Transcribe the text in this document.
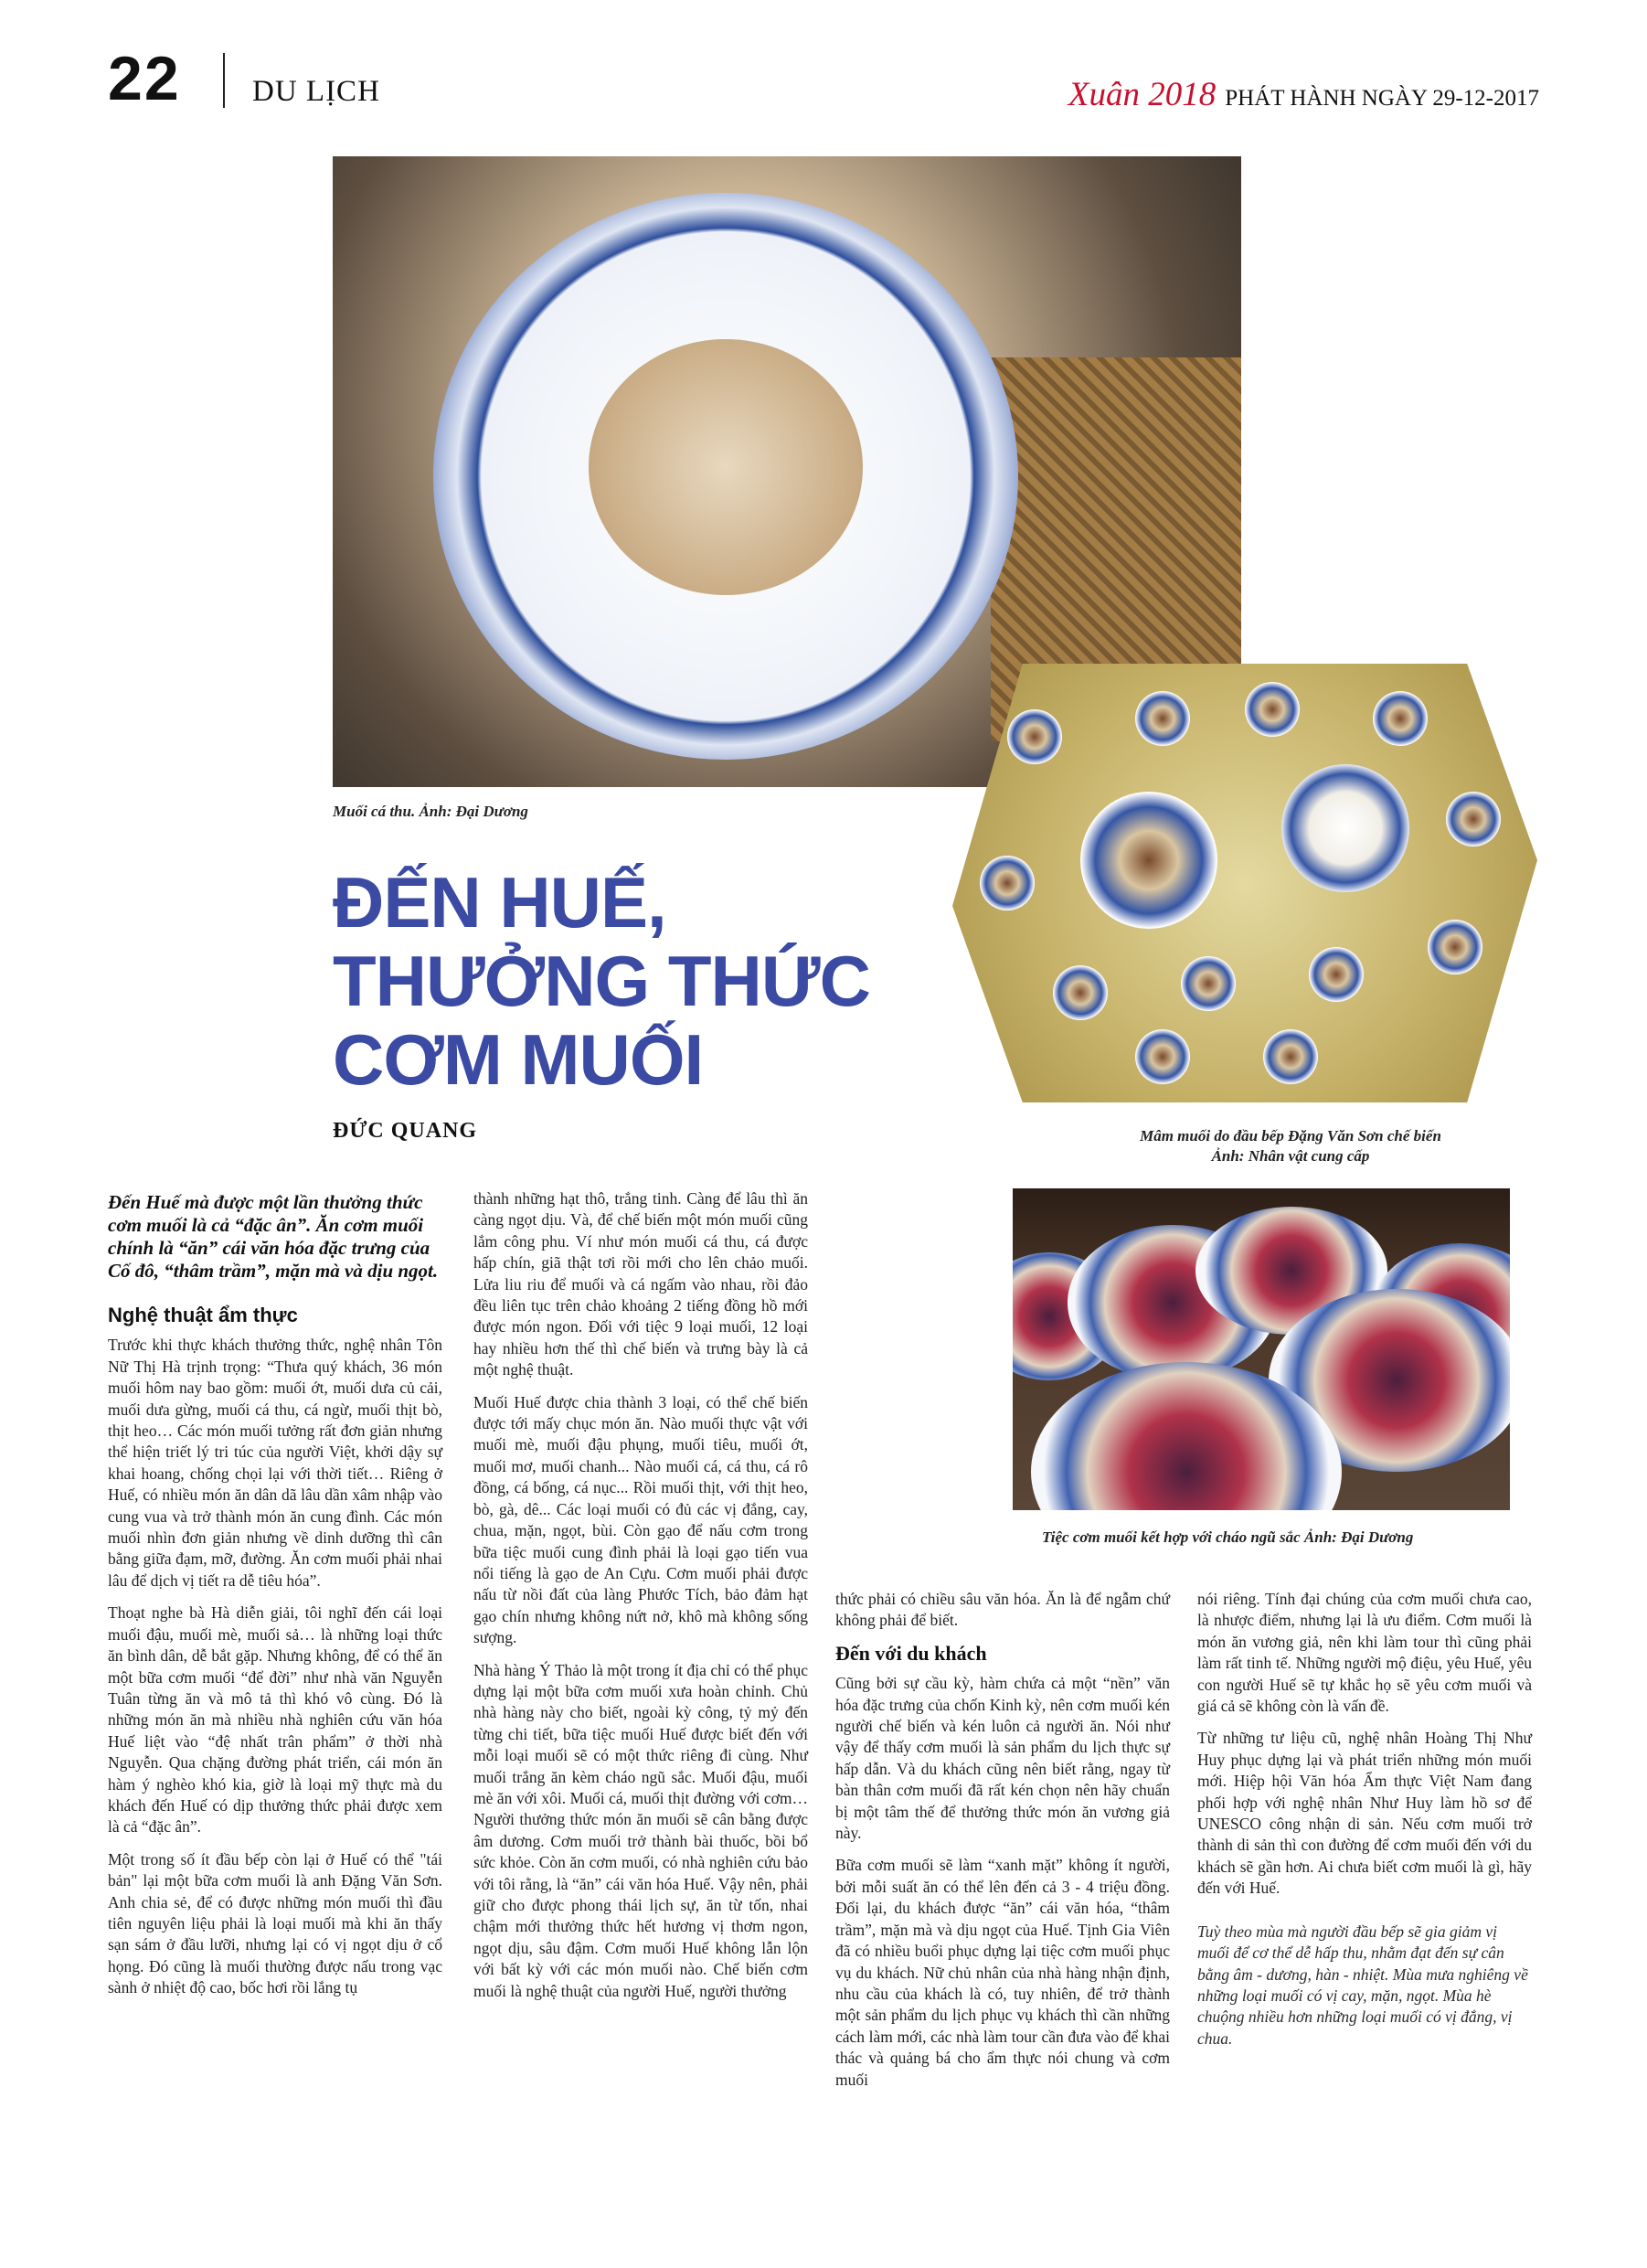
22 DU LỊCH	Xuân 2018 PHÁT HÀNH NGÀY 29-12-2017
Muối cá thu. Ảnh: Đại Dương
Mâm muối do đầu bếp Đặng Văn Sơn chế biến
Ảnh: Nhân vật cung cấp
Tiệc cơm muối kết hợp với cháo ngũ sắc Ảnh: Đại Dương
ĐẾN HUẾ,
THƯỞNG THỨC
CƠM MUỐI
ĐỨC QUANG

Đến Huế mà được một lần thưởng thức cơm muối là cả “đặc ân”. Ăn cơm muối chính là “ăn” cái văn hóa đặc trưng của Cố đô, “thâm trầm”, mặn mà và dịu ngọt.

Nghệ thuật ẩm thực

Trước khi thực khách thưởng thức, nghệ nhân Tôn Nữ Thị Hà trịnh trọng: “Thưa quý khách, 36 món muối hôm nay bao gồm: muối ớt, muối dưa củ cải, muối dưa gừng, muối cá thu, cá ngừ, muối thịt bò, thịt heo… Các món muối tưởng rất đơn giản nhưng thể hiện triết lý tri túc của người Việt, khởi dậy sự khai hoang, chống chọi lại với thời tiết… Riêng ở Huế, có nhiều món ăn dân dã lâu dần xâm nhập vào cung vua và trở thành món ăn cung đình. Các món muối nhìn đơn giản nhưng về dinh dưỡng thì cân bằng giữa đạm, mỡ, đường. Ăn cơm muối phải nhai lâu để dịch vị tiết ra dễ tiêu hóa”.

Thoạt nghe bà Hà diễn giải, tôi nghĩ đến cái loại muối đậu, muối mè, muối sả… là những loại thức ăn bình dân, dễ bắt gặp. Nhưng không, để có thể ăn một bữa cơm muối “để đời” như nhà văn Nguyễn Tuân từng ăn và mô tả thì khó vô cùng. Đó là những món ăn mà nhiều nhà nghiên cứu văn hóa Huế liệt vào “đệ nhất trân phẩm” ở thời nhà Nguyễn. Qua chặng đường phát triển, cái món ăn hàm ý nghèo khó kia, giờ là loại mỹ thực mà du khách đến Huế có dịp thưởng thức phải được xem là cả “đặc ân”.

Một trong số ít đầu bếp còn lại ở Huế có thể "tái bản" lại một bữa cơm muối là anh Đặng Văn Sơn. Anh chia sẻ, để có được những món muối thì đầu tiên nguyên liệu phải là loại muối mà khi ăn thấy sạn sám ở đầu lưỡi, nhưng lại có vị ngọt dịu ở cổ họng. Đó cũng là muối thường được nấu trong vạc sành ở nhiệt độ cao, bốc hơi rồi lắng tụ

thành những hạt thô, trắng tinh. Càng để lâu thì ăn càng ngọt dịu. Và, để chế biến một món muối cũng lắm công phu. Ví như món muối cá thu, cá được hấp chín, giã thật tơi rồi mới cho lên chảo muối. Lửa liu riu để muối và cá ngấm vào nhau, rồi đảo đều liên tục trên chảo khoảng 2 tiếng đồng hồ mới được món ngon. Đối với tiệc 9 loại muối, 12 loại hay nhiều hơn thế thì chế biến và trưng bày là cả một nghệ thuật.

Muối Huế được chia thành 3 loại, có thể chế biến được tới mấy chục món ăn. Nào muối thực vật với muối mè, muối đậu phụng, muối tiêu, muối ớt, muối mơ, muối chanh... Nào muối cá, cá thu, cá rô đồng, cá bống, cá nục... Rồi muối thịt, với thịt heo, bò, gà, dê... Các loại muối có đủ các vị đắng, cay, chua, mặn, ngọt, bùi. Còn gạo để nấu cơm trong bữa tiệc muối cung đình phải là loại gạo tiến vua nổi tiếng là gạo de An Cựu. Cơm muối phải được nấu từ nồi đất của làng Phước Tích, bảo đảm hạt gạo chín nhưng không nứt nở, khô mà không sống sượng.

Nhà hàng Ý Thảo là một trong ít địa chỉ có thể phục dựng lại một bữa cơm muối xưa hoàn chỉnh. Chủ nhà hàng này cho biết, ngoài kỳ công, tỷ mỷ đến từng chi tiết, bữa tiệc muối Huế được biết đến với mỗi loại muối sẽ có một thức riêng đi cùng. Như muối trắng ăn kèm cháo ngũ sắc. Muối đậu, muối mè ăn với xôi. Muối cá, muối thịt đường với cơm… Người thưởng thức món ăn muối sẽ cân bằng được âm dương. Cơm muối trở thành bài thuốc, bồi bổ sức khỏe. Còn ăn cơm muối, có nhà nghiên cứu bảo với tôi rằng, là “ăn” cái văn hóa Huế. Vậy nên, phải giữ cho được phong thái lịch sự, ăn từ tốn, nhai chậm mới thưởng thức hết hương vị thơm ngon, ngọt dịu, sâu đậm. Cơm muối Huế không lẫn lộn với bất kỳ với các món muối nào. Chế biến cơm muối là nghệ thuật của người Huế, người thưởng

thức phải có chiều sâu văn hóa. Ăn là để ngẫm chứ không phải để biết.

Đến với du khách

Cũng bởi sự cầu kỳ, hàm chứa cả một “nền” văn hóa đặc trưng của chốn Kinh kỳ, nên cơm muối kén người chế biến và kén luôn cả người ăn. Nói như vậy để thấy cơm muối là sản phẩm du lịch thực sự hấp dẫn. Và du khách cũng nên biết rằng, ngay từ bàn thân cơm muối đã rất kén chọn nên hãy chuẩn bị một tâm thế để thưởng thức món ăn vương giả này.

Bữa cơm muối sẽ làm “xanh mặt” không ít người, bởi mỗi suất ăn có thể lên đến cả 3 - 4 triệu đồng. Đổi lại, du khách được “ăn” cái văn hóa, “thâm trầm”, mặn mà và dịu ngọt của Huế. Tịnh Gia Viên đã có nhiều buổi phục dựng lại tiệc cơm muối phục vụ du khách. Nữ chủ nhân của nhà hàng nhận định, nhu cầu của khách là có, tuy nhiên, để trở thành một sản phẩm du lịch phục vụ khách thì cần những cách làm mới, các nhà làm tour cần đưa vào để khai thác và quảng bá cho ẩm thực nói chung và cơm muối

nói riêng. Tính đại chúng của cơm muối chưa cao, là nhược điểm, nhưng lại là ưu điểm. Cơm muối là món ăn vương giả, nên khi làm tour thì cũng phải làm rất tinh tế. Những người mộ điệu, yêu Huế, yêu con người Huế sẽ tự khắc họ sẽ yêu cơm muối và giá cả sẽ không còn là vấn đề.

Từ những tư liệu cũ, nghệ nhân Hoàng Thị Như Huy phục dựng lại và phát triển những món muối mới. Hiệp hội Văn hóa Ẩm thực Việt Nam đang phối hợp với nghệ nhân Như Huy làm hồ sơ để UNESCO công nhận di sản. Nếu cơm muối trở thành di sản thì con đường để cơm muối đến với du khách sẽ gần hơn. Ai chưa biết cơm muối là gì, hãy đến với Huế.

Tuỳ theo mùa mà người đầu bếp sẽ gia giảm vị muối để cơ thể dễ hấp thu, nhằm đạt đến sự cân bằng âm - dương, hàn - nhiệt. Mùa mưa nghiêng về những loại muối có vị cay, mặn, ngọt. Mùa hè chuộng nhiều hơn những loại muối có vị đắng, vị chua.
